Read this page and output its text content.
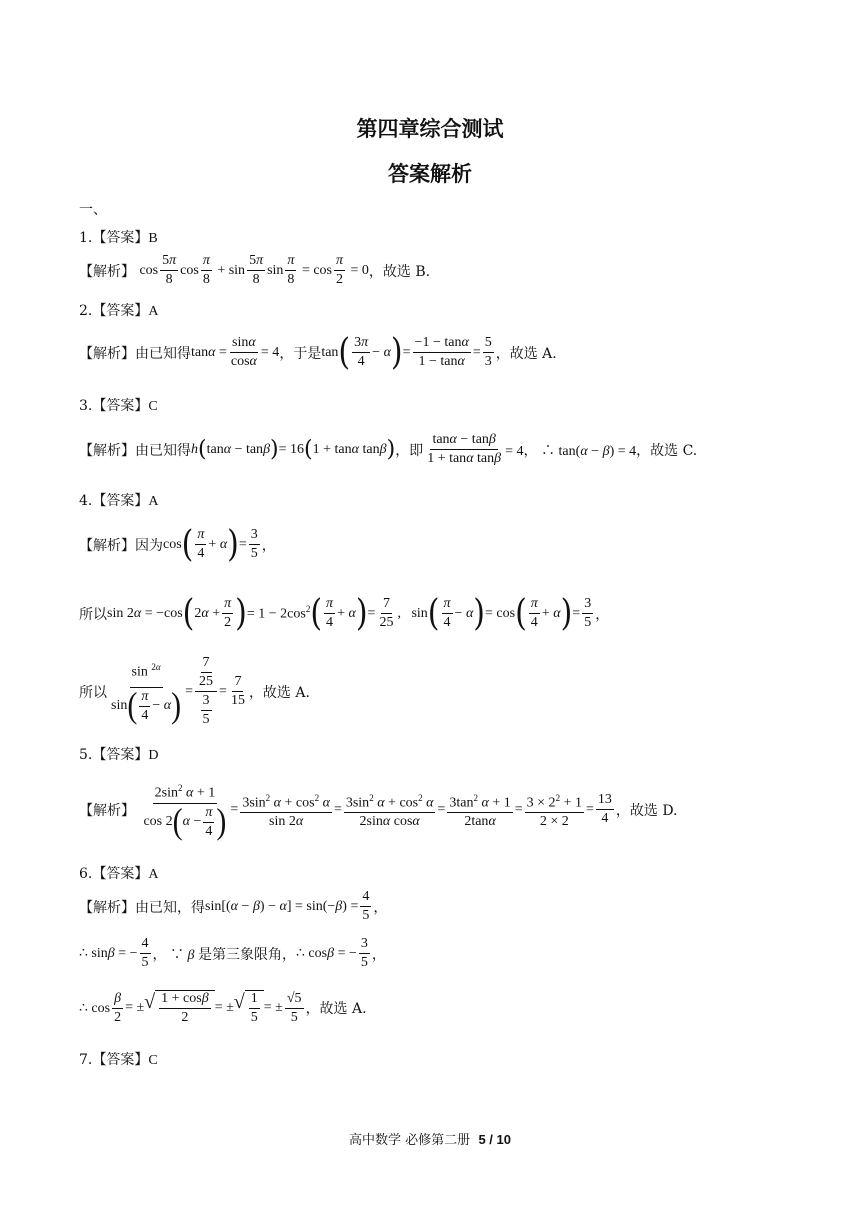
第四章综合测试
答案解析
一、
1.【答案】B
【解析】
$\cos \frac{5\pi}{8}$ $\cos \frac{\pi}{8} + \sin \frac{5\pi}{8}$ $\sin \frac{\pi}{8} = \cos \frac{\pi}{2} = 0$ ，故选 B.
2.【答案】A
【解析】 由已知得 $\tan\alpha = \frac{\sin\alpha}{\cos\alpha} = 4$ ，于是 tan ( $\frac{3\pi}{4} - \alpha$ ) = $\frac{-1 - \tan\alpha}{1 - \tan\alpha} = \frac{5}{3}$ ，故选 A.
3.【答案】C
【解析】 由已知得 h ( tanα − tanβ ) = 16 ( 1 + tanα tanβ ) ，即 $\frac{\tan\alpha - \tan\beta}{\text{1 + tanα tanβ}} = 4$， ∴ tan(α − β) = 4 ，故选 C.
4.【答案】A
【解析】 因为 cos ( $\frac{\pi}{4} + \alpha$ ) = $\frac{3}{5}$ ，
所以 sin 2α = −cos ( $2\alpha + \frac{\pi}{2}$ ) = $1 - 2\cos^2$ ( $\frac{\pi}{4} + \alpha$ ) = $\frac{7}{25}$ ,   sin ( $\frac{\pi}{4} - \alpha$ ) = cos ( $\frac{\pi}{4} + \alpha$ ) = $\frac{3}{5}$ ，
所以 $\frac{\sin ^{2\alpha}}{\sin ( \frac{\pi}{4} - \alpha )} = \frac{\frac{7}{25}}{\frac{3}{5}} = \frac{7}{15}$ ，故选 A.
5.【答案】D
【解析】
$\frac{2\sin^2 \alpha + 1}{\cos 2 ( \alpha - \frac{\pi}{4} )} = \frac{3\sin^2 \alpha + \cos^2 \alpha}{\sin 2\alpha} = \frac{3\sin^2 \alpha + \cos^2 \alpha}{\text{2sinα cosα}} = \frac{3\tan^2 \alpha + 1}{2\tan\alpha} = \frac{3 \times 2^2 + 1}{2 \times 2} = \frac{13}{4}$ ，故选 D.
6.【答案】A
【解析】 由已知，得 $\sin[(\alpha - \beta) - \alpha] = \sin(-\beta) = \frac{4}{5}$ ，
∴ sinβ = − $\frac{4}{5}$ ， ∵ β 是第三象限角， ∴ cosβ = − $\frac{3}{5}$ ，
∴ $\cos \frac{\beta}{2}$ = ± √ $\frac{1 + \cos\beta}{2}$ = ± √ $\frac{1}{5}$ = ± $\frac{√5}{5}$ ，故选 A.
7.【答案】C
高中数学 必修第二册 5 / 10
